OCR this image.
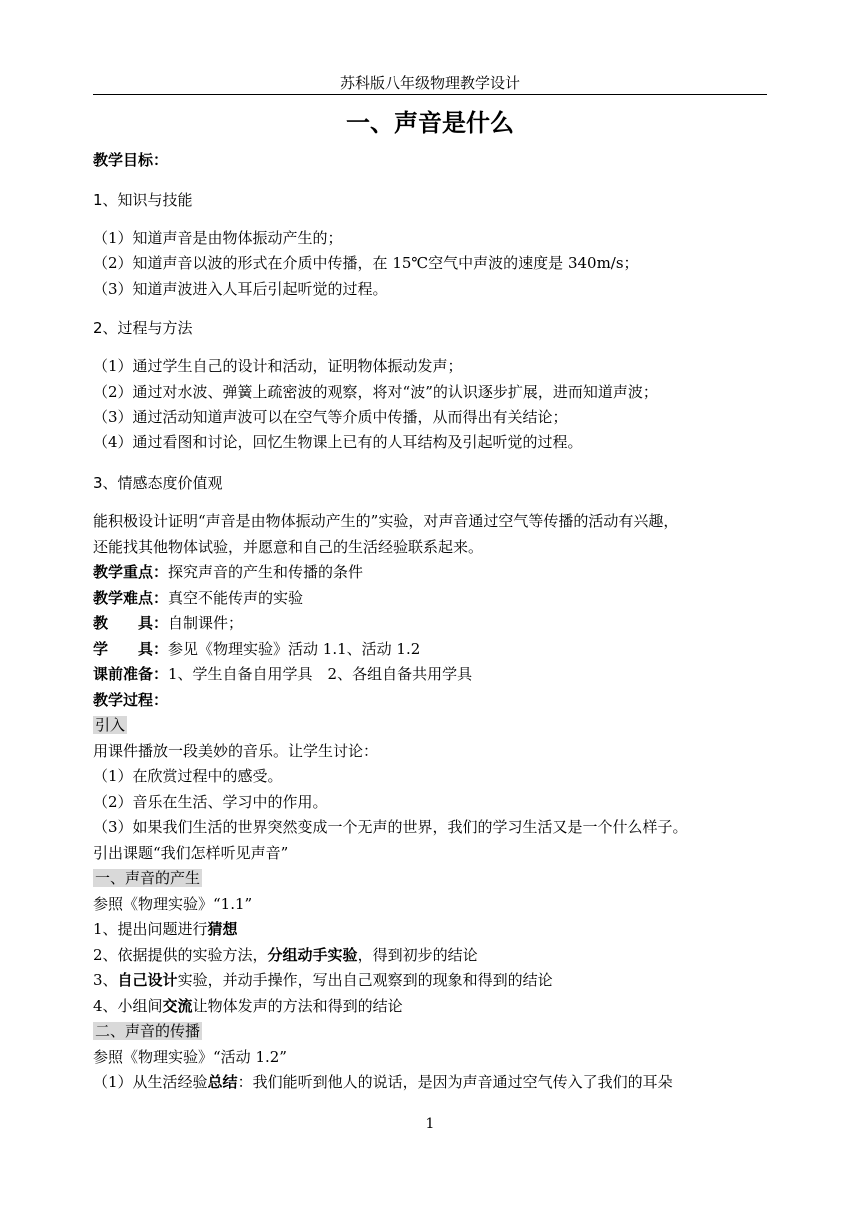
苏科版八年级物理教学设计
一、声音是什么
教学目标：
1、知识与技能
（1）知道声音是由物体振动产生的；
（2）知道声音以波的形式在介质中传播，在 15℃空气中声波的速度是 340m/s；
（3）知道声波进入人耳后引起听觉的过程。
2、过程与方法
（1）通过学生自己的设计和活动，证明物体振动发声；
（2）通过对水波、弹簧上疏密波的观察，将对“波”的认识逐步扩展，进而知道声波；
（3）通过活动知道声波可以在空气等介质中传播，从而得出有关结论；
（4）通过看图和讨论，回忆生物课上已有的人耳结构及引起听觉的过程。
3、情感态度价值观
能积极设计证明“声音是由物体振动产生的”实验，对声音通过空气等传播的活动有兴趣，
还能找其他物体试验，并愿意和自己的生活经验联系起来。
教学重点：探究声音的产生和传播的条件
教学难点：真空不能传声的实验
教　　具：自制课件；
学　　具：参见《物理实验》活动 1.1、活动 1.2
课前准备：1、学生自备自用学具　2、各组自备共用学具
教学过程：
引入
用课件播放一段美妙的音乐。让学生讨论：
（1）在欣赏过程中的感受。
（2）音乐在生活、学习中的作用。
（3）如果我们生活的世界突然变成一个无声的世界，我们的学习生活又是一个什么样子。
引出课题“我们怎样听见声音”
一、声音的产生
参照《物理实验》“1.1”
1、提出问题进行猜想
2、依据提供的实验方法，分组动手实验，得到初步的结论
3、自己设计实验，并动手操作，写出自己观察到的现象和得到的结论
4、小组间交流让物体发声的方法和得到的结论
二、声音的传播
参照《物理实验》“活动 1.2”
（1）从生活经验总结：我们能听到他人的说话，是因为声音通过空气传入了我们的耳朵
1
